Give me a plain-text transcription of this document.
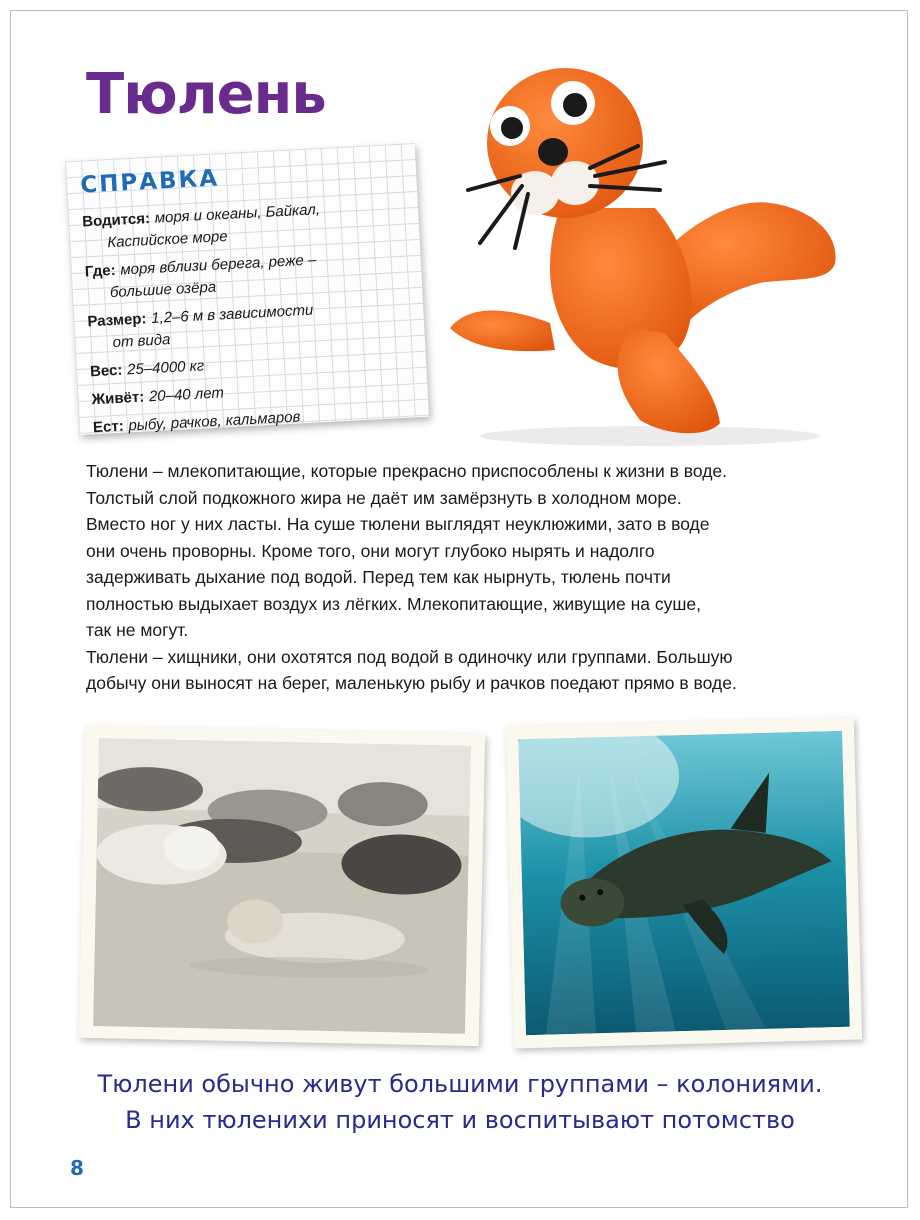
Тюлень
СПРАВКА
Водится: моря и океаны, Байкал,
Каспийское море
Где: моря вблизи берега, реже –
большие озёра
Размер: 1,2–6 м в зависимости
от вида
Вес: 25–4000 кг
Живёт: 20–40 лет
Ест: рыбу, рачков, кальмаров
Тюлени – млекопитающие, которые прекрасно приспособлены к жизни в воде.
Толстый слой подкожного жира не даёт им замёрзнуть в холодном море.
Вместо ног у них ласты. На суше тюлени выглядят неуклюжими, зато в воде
они очень проворны. Кроме того, они могут глубоко нырять и надолго
задерживать дыхание под водой. Перед тем как нырнуть, тюлень почти
полностью выдыхает воздух из лёгких. Млекопитающие, живущие на суше,
так не могут.
Тюлени – хищники, они охотятся под водой в одиночку или группами. Большую
добычу они выносят на берег, маленькую рыбу и рачков поедают прямо в воде.
Тюлени обычно живут большими группами – колониями.
В них тюленихи приносят и воспитывают потомство
8
